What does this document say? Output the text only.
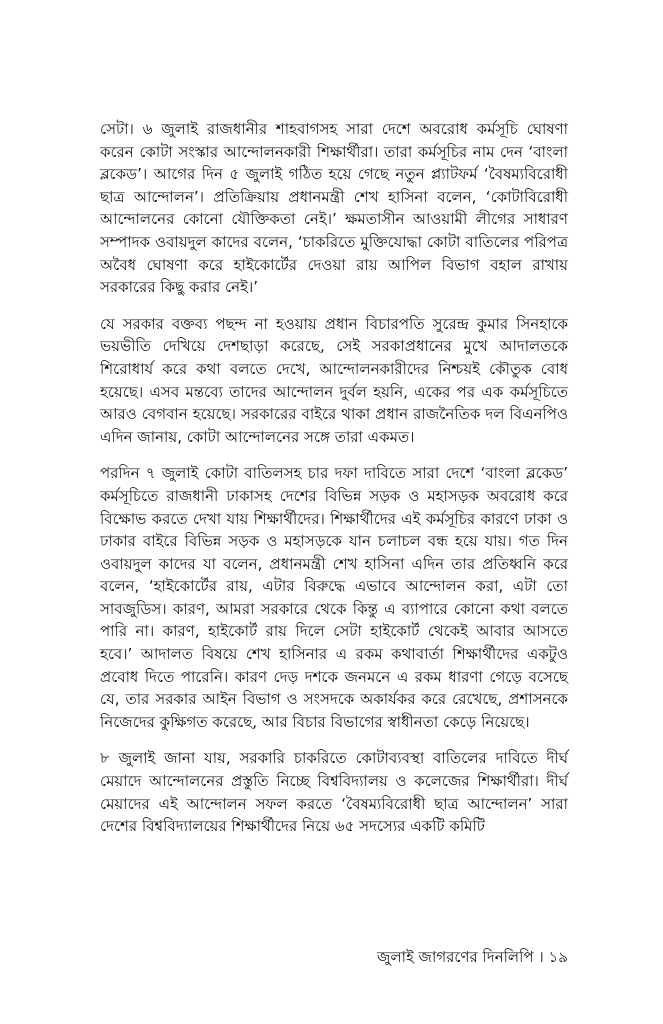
সেটা। ৬ জুলাই রাজধানীর শাহবাগসহ সারা দেশে অবরোধ কর্মসূচি ঘোষণা করেন কোটা সংস্কার আন্দোলনকারী শিক্ষার্থীরা। তারা কর্মসূচির নাম দেন ‘বাংলা ব্লকেড’। আগের দিন ৫ জুলাই গঠিত হয়ে গেছে নতুন প্ল্যাটফর্ম ‘বৈষম্যবিরোধী ছাত্র আন্দোলন’। প্রতিক্রিয়ায় প্রধানমন্ত্রী শেখ হাসিনা বলেন, ‘কোটাবিরোধী আন্দোলনের কোনো যৌক্তিকতা নেই।’ ক্ষমতাসীন আওয়ামী লীগের সাধারণ সম্পাদক ওবায়দুল কাদের বলেন, ‘চাকরিতে মুক্তিযোদ্ধা কোটা বাতিলের পরিপত্র অবৈধ ঘোষণা করে হাইকোর্টের দেওয়া রায় আপিল বিভাগ বহাল রাখায় সরকারের কিছু করার নেই।’

যে সরকার বক্তব্য পছন্দ না হওয়ায় প্রধান বিচারপতি সুরেন্দ্র কুমার সিনহাকে ভয়ভীতি দেখিয়ে দেশছাড়া করেছে, সেই সরকাপ্রধানের মুখে আদালতকে শিরোধার্য করে কথা বলতে দেখে, আন্দোলনকারীদের নিশ্চয়ই কৌতুক বোধ হয়েছে। এসব মন্তব্যে তাদের আন্দোলন দুর্বল হয়নি, একের পর এক কর্মসূচিতে আরও বেগবান হয়েছে। সরকারের বাইরে থাকা প্রধান রাজনৈতিক দল বিএনপিও এদিন জানায়, কোটা আন্দোলনের সঙ্গে তারা একমত।

পরদিন ৭ জুলাই কোটা বাতিলসহ চার দফা দাবিতে সারা দেশে ‘বাংলা ব্লকেড’ কর্মসূচিতে রাজধানী ঢাকাসহ দেশের বিভিন্ন সড়ক ও মহাসড়ক অবরোধ করে বিক্ষোভ করতে দেখা যায় শিক্ষার্থীদের। শিক্ষার্থীদের এই কর্মসূচির কারণে ঢাকা ও ঢাকার বাইরে বিভিন্ন সড়ক ও মহাসড়কে যান চলাচল বন্ধ হয়ে যায়। গত দিন ওবায়দুল কাদের যা বলেন, প্রধানমন্ত্রী শেখ হাসিনা এদিন তার প্রতিধ্বনি করে বলেন, ‘হাইকোর্টের রায়, এটার বিরুদ্ধে এভাবে আন্দোলন করা, এটা তো সাবজুডিস। কারণ, আমরা সরকারে থেকে কিন্তু এ ব্যাপারে কোনো কথা বলতে পারি না। কারণ, হাইকোর্ট রায় দিলে সেটা হাইকোর্ট থেকেই আবার আসতে হবে।’ আদালত বিষয়ে শেখ হাসিনার এ রকম কথাবার্তা শিক্ষার্থীদের একটুও প্রবোধ দিতে পারেনি। কারণ দেড় দশকে জনমনে এ রকম ধারণা গেড়ে বসেছে যে, তার সরকার আইন বিভাগ ও সংসদকে অকার্যকর করে রেখেছে, প্রশাসনকে নিজেদের কুক্ষিগত করেছে, আর বিচার বিভাগের স্বাধীনতা কেড়ে নিয়েছে।

৮ জুলাই জানা যায়, সরকারি চাকরিতে কোটাব্যবস্থা বাতিলের দাবিতে দীর্ঘ মেয়াদে আন্দোলনের প্রস্তুতি নিচ্ছে বিশ্ববিদ্যালয় ও কলেজের শিক্ষার্থীরা। দীর্ঘ মেয়াদের এই আন্দোলন সফল করতে ‘বৈষম্যবিরোধী ছাত্র আন্দোলন’ সারা দেশের বিশ্ববিদ্যালয়ের শিক্ষার্থীদের নিয়ে ৬৫ সদস্যের একটি কমিটি

জুলাই জাগরণের দিনলিপি । ১৯
